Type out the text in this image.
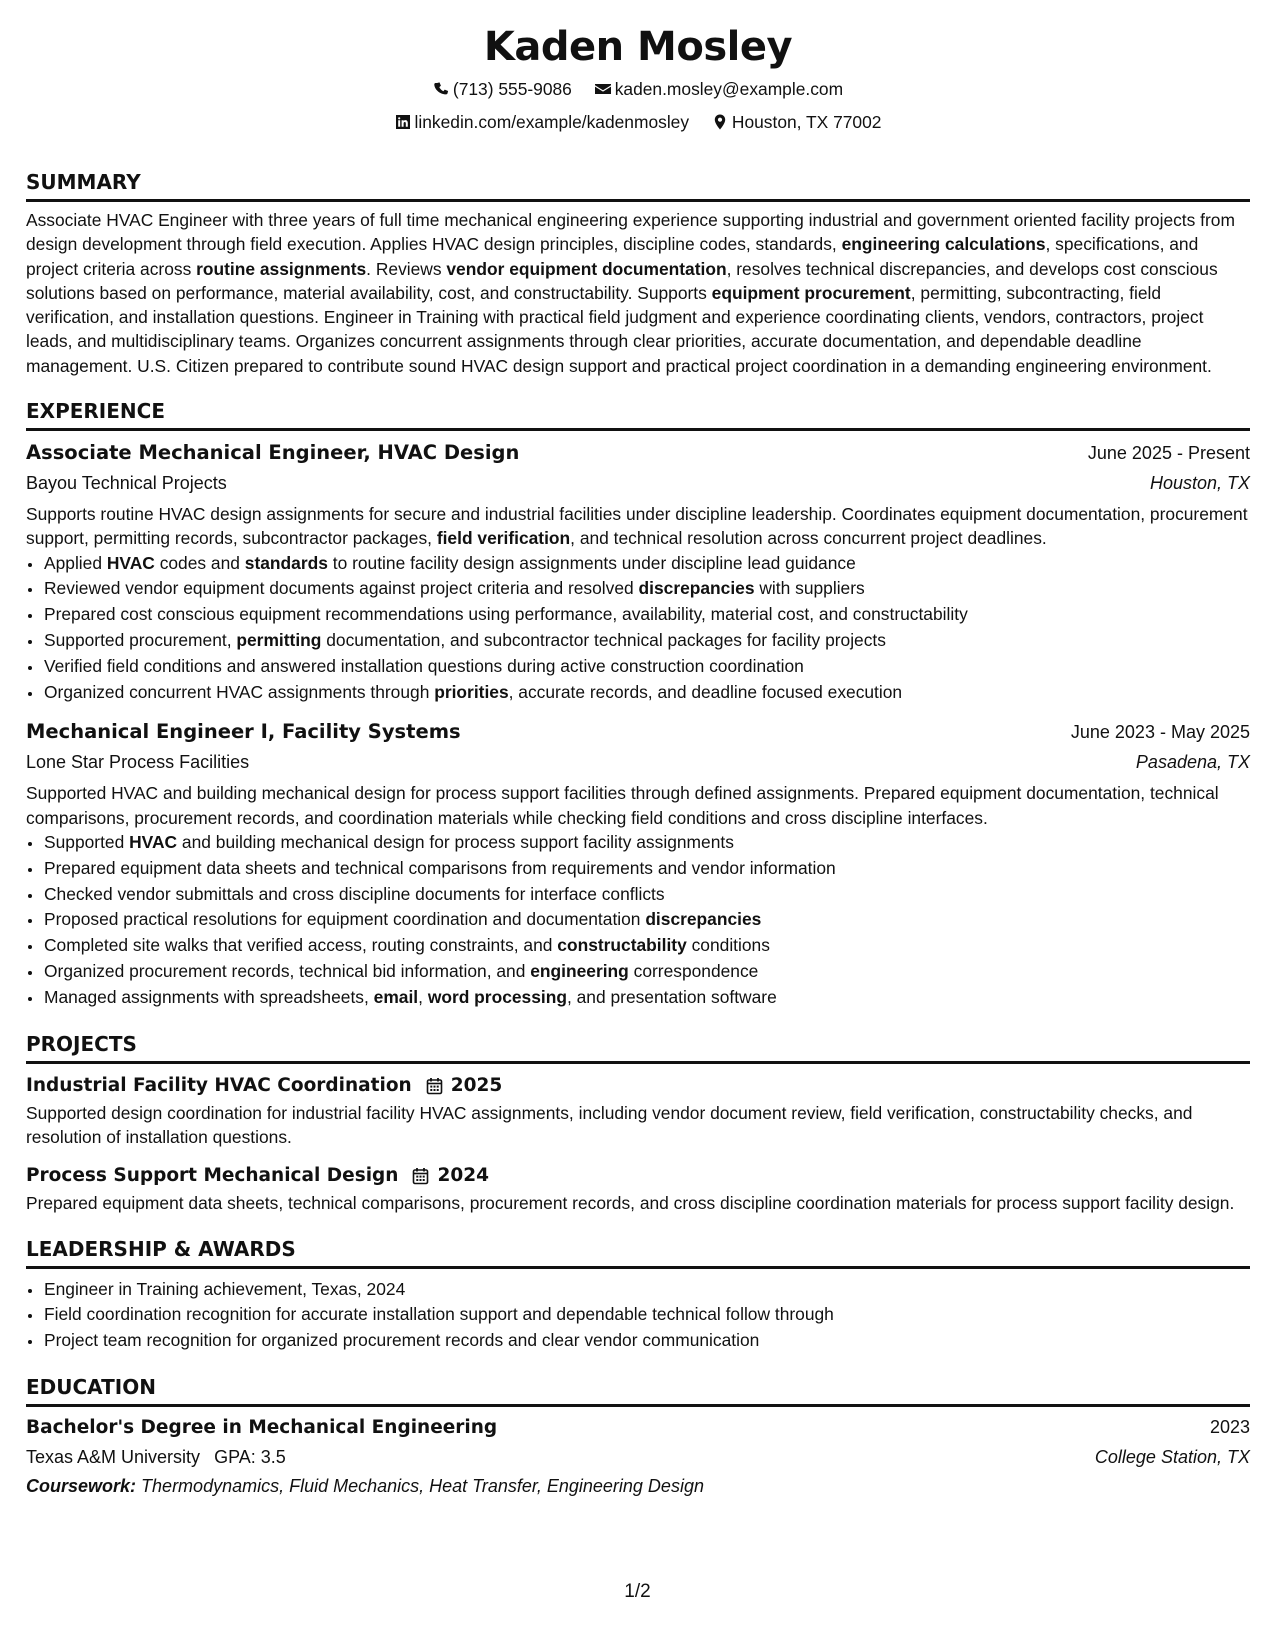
Kaden Mosley
(713) 555-9086
kaden.mosley@example.com
linkedin.com/example/kadenmosley
Houston, TX 77002
SUMMARY
Associate HVAC Engineer with three years of full time mechanical engineering experience supporting industrial and government oriented facility projects from design development through field execution. Applies HVAC design principles, discipline codes, standards, engineering calculations, specifications, and project criteria across routine assignments. Reviews vendor equipment documentation, resolves technical discrepancies, and develops cost conscious solutions based on performance, material availability, cost, and constructability. Supports equipment procurement, permitting, subcontracting, field verification, and installation questions. Engineer in Training with practical field judgment and experience coordinating clients, vendors, contractors, project leads, and multidisciplinary teams. Organizes concurrent assignments through clear priorities, accurate documentation, and dependable deadline management. U.S. Citizen prepared to contribute sound HVAC design support and practical project coordination in a demanding engineering environment.
EXPERIENCE
Associate Mechanical Engineer, HVAC Design	June 2025 - Present
Bayou Technical Projects	Houston, TX
Supports routine HVAC design assignments for secure and industrial facilities under discipline leadership. Coordinates equipment documentation, procurement support, permitting records, subcontractor packages, field verification, and technical resolution across concurrent project deadlines.
• Applied HVAC codes and standards to routine facility design assignments under discipline lead guidance
• Reviewed vendor equipment documents against project criteria and resolved discrepancies with suppliers
• Prepared cost conscious equipment recommendations using performance, availability, material cost, and constructability
• Supported procurement, permitting documentation, and subcontractor technical packages for facility projects
• Verified field conditions and answered installation questions during active construction coordination
• Organized concurrent HVAC assignments through priorities, accurate records, and deadline focused execution
Mechanical Engineer I, Facility Systems	June 2023 - May 2025
Lone Star Process Facilities	Pasadena, TX
Supported HVAC and building mechanical design for process support facilities through defined assignments. Prepared equipment documentation, technical comparisons, procurement records, and coordination materials while checking field conditions and cross discipline interfaces.
• Supported HVAC and building mechanical design for process support facility assignments
• Prepared equipment data sheets and technical comparisons from requirements and vendor information
• Checked vendor submittals and cross discipline documents for interface conflicts
• Proposed practical resolutions for equipment coordination and documentation discrepancies
• Completed site walks that verified access, routing constraints, and constructability conditions
• Organized procurement records, technical bid information, and engineering correspondence
• Managed assignments with spreadsheets, email, word processing, and presentation software
PROJECTS
Industrial Facility HVAC Coordination 2025
Supported design coordination for industrial facility HVAC assignments, including vendor document review, field verification, constructability checks, and resolution of installation questions.
Process Support Mechanical Design 2024
Prepared equipment data sheets, technical comparisons, procurement records, and cross discipline coordination materials for process support facility design.
LEADERSHIP & AWARDS
• Engineer in Training achievement, Texas, 2024
• Field coordination recognition for accurate installation support and dependable technical follow through
• Project team recognition for organized procurement records and clear vendor communication
EDUCATION
Bachelor's Degree in Mechanical Engineering	2023
Texas A&M University GPA: 3.5	College Station, TX
Coursework: Thermodynamics, Fluid Mechanics, Heat Transfer, Engineering Design
1/2
